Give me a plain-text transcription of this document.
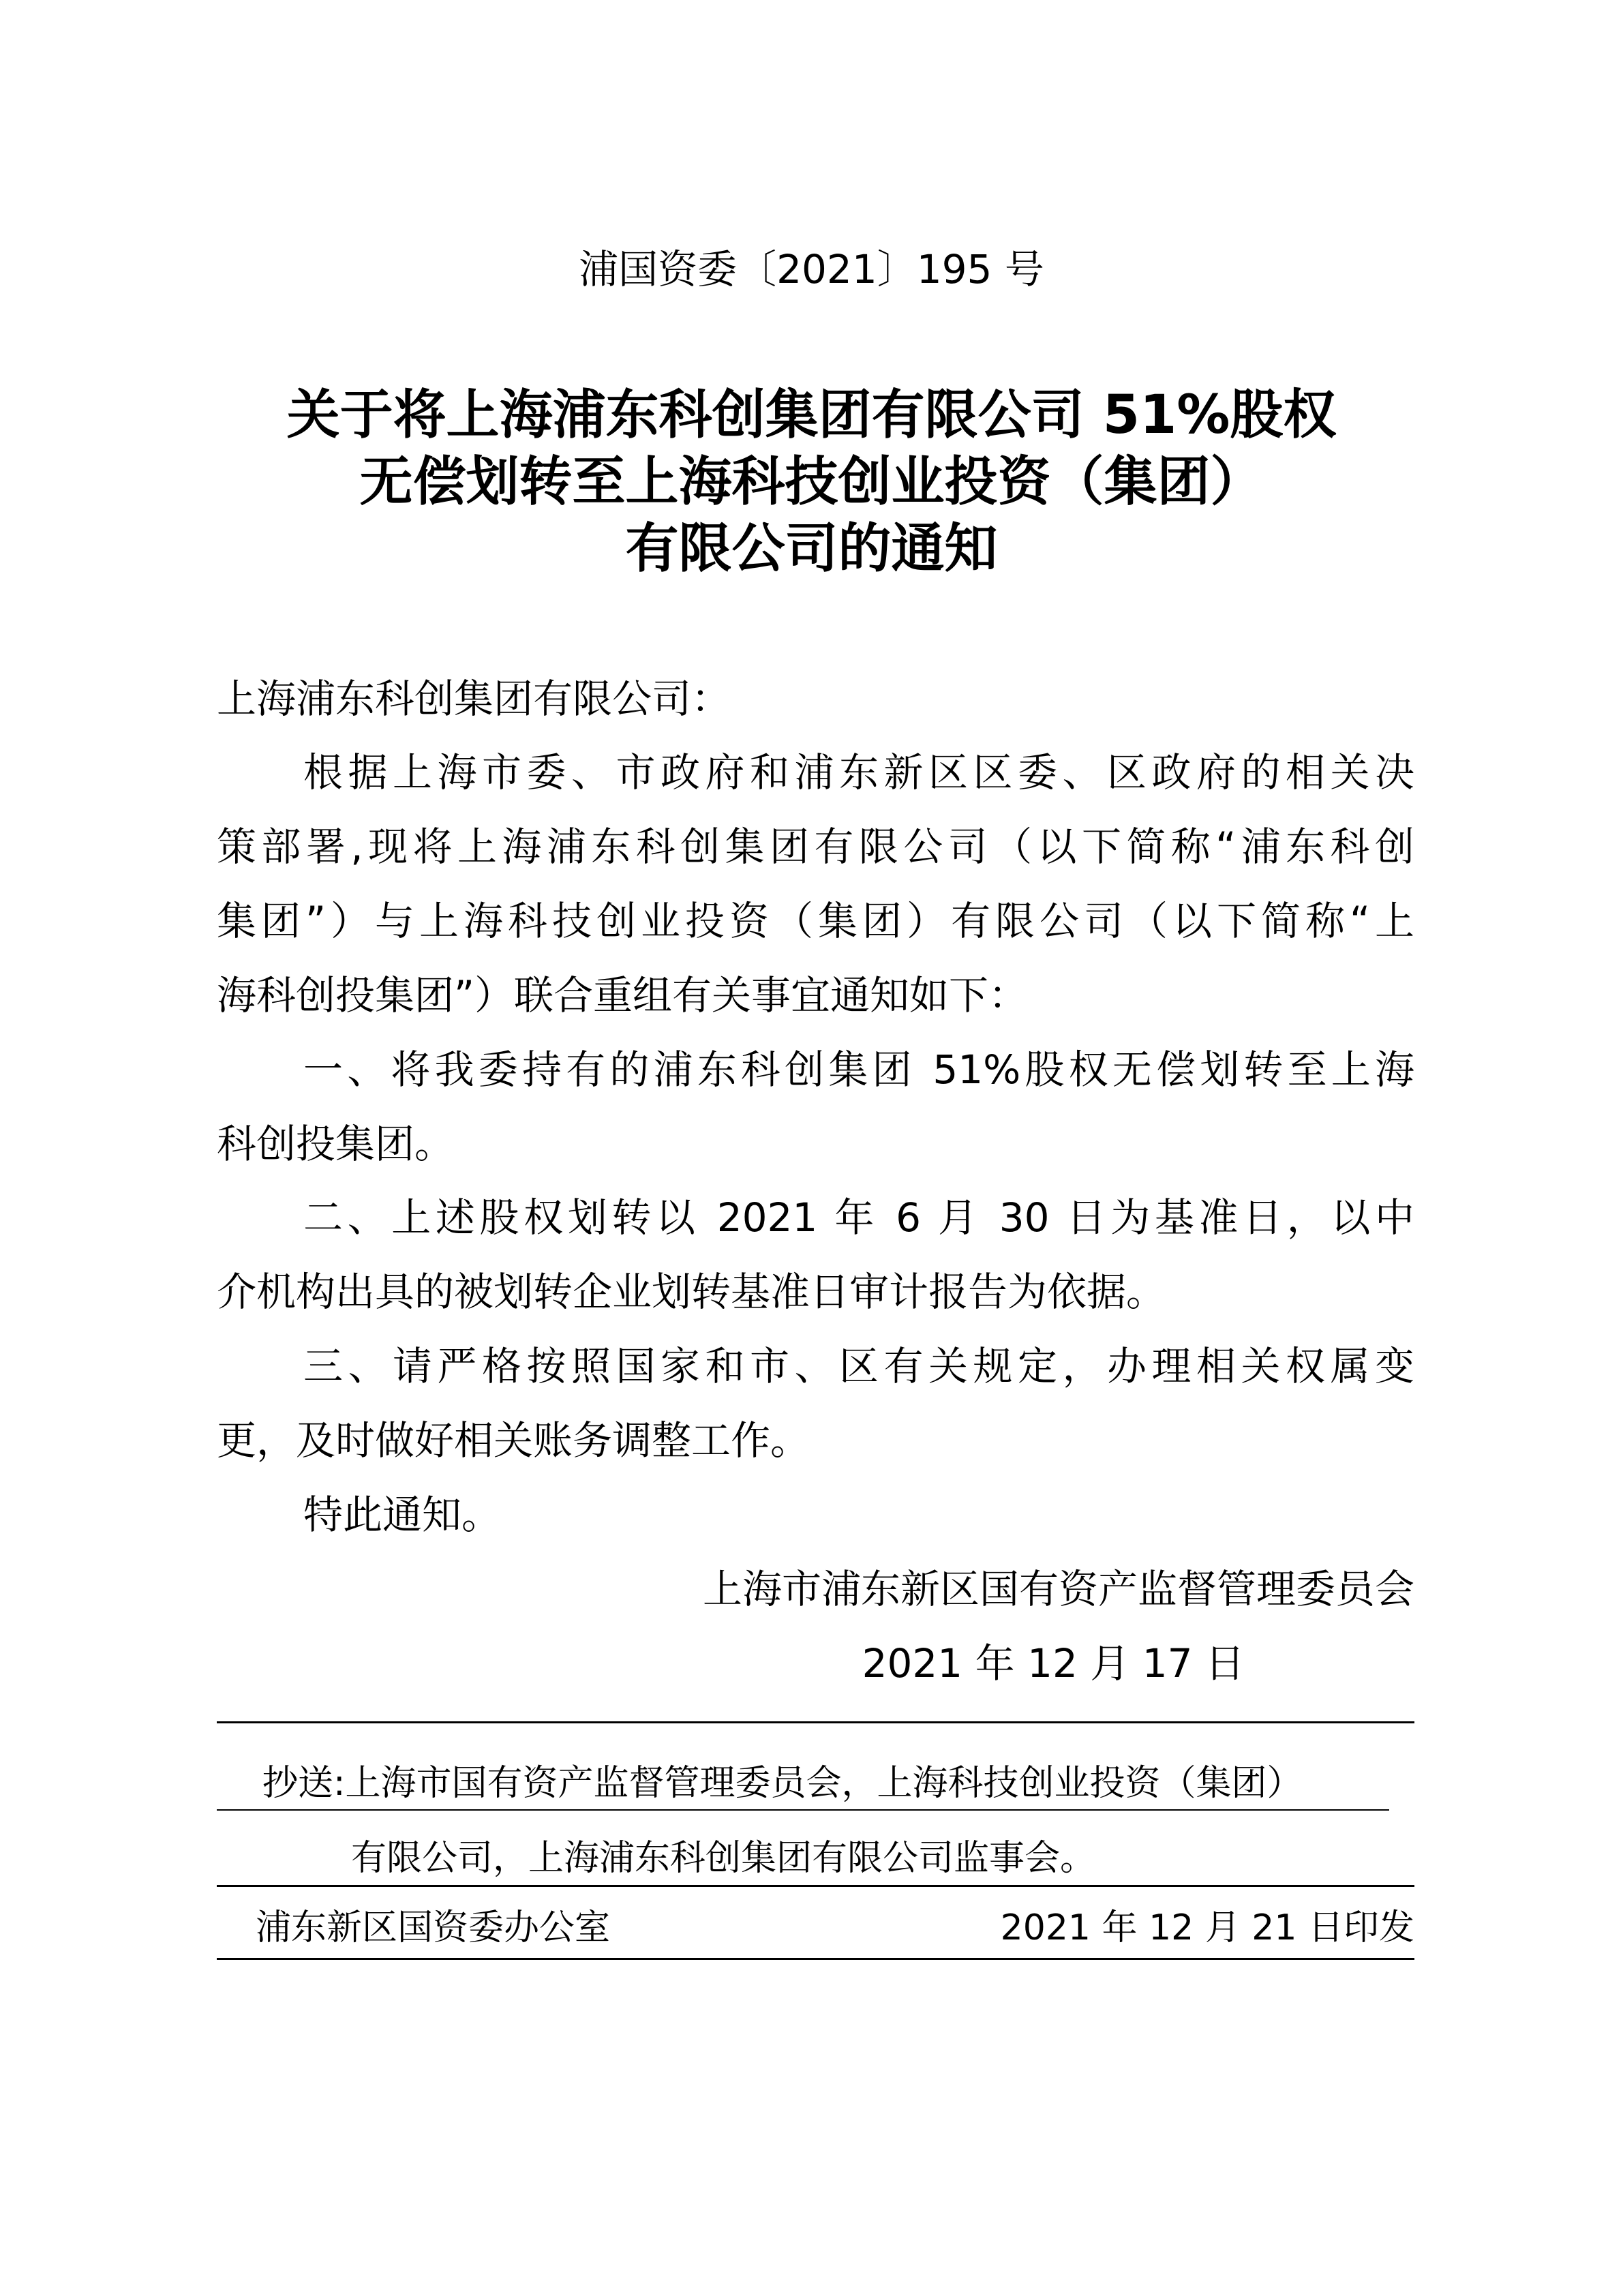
浦国资委〔2021〕195 号
关于将上海浦东科创集团有限公司 51%股权
无偿划转至上海科技创业投资（集团）
有限公司的通知
上海浦东科创集团有限公司：
根据上海市委、市政府和浦东新区区委、区政府的相关决
策部署,现将上海浦东科创集团有限公司（以下简称“浦东科创
集团”）与上海科技创业投资（集团）有限公司（以下简称“上
海科创投集团”）联合重组有关事宜通知如下：
一、将我委持有的浦东科创集团 51%股权无偿划转至上海
科创投集团。
二、上述股权划转以 2021 年 6 月 30 日为基准日，以中
介机构出具的被划转企业划转基准日审计报告为依据。
三、请严格按照国家和市、区有关规定，办理相关权属变
更，及时做好相关账务调整工作。
特此通知。
上海市浦东新区国有资产监督管理委员会
2021 年 12 月 17 日
抄送:上海市国有资产监督管理委员会，上海科技创业投资（集团）
有限公司，上海浦东科创集团有限公司监事会。
浦东新区国资委办公室	2021 年 12 月 21 日印发
